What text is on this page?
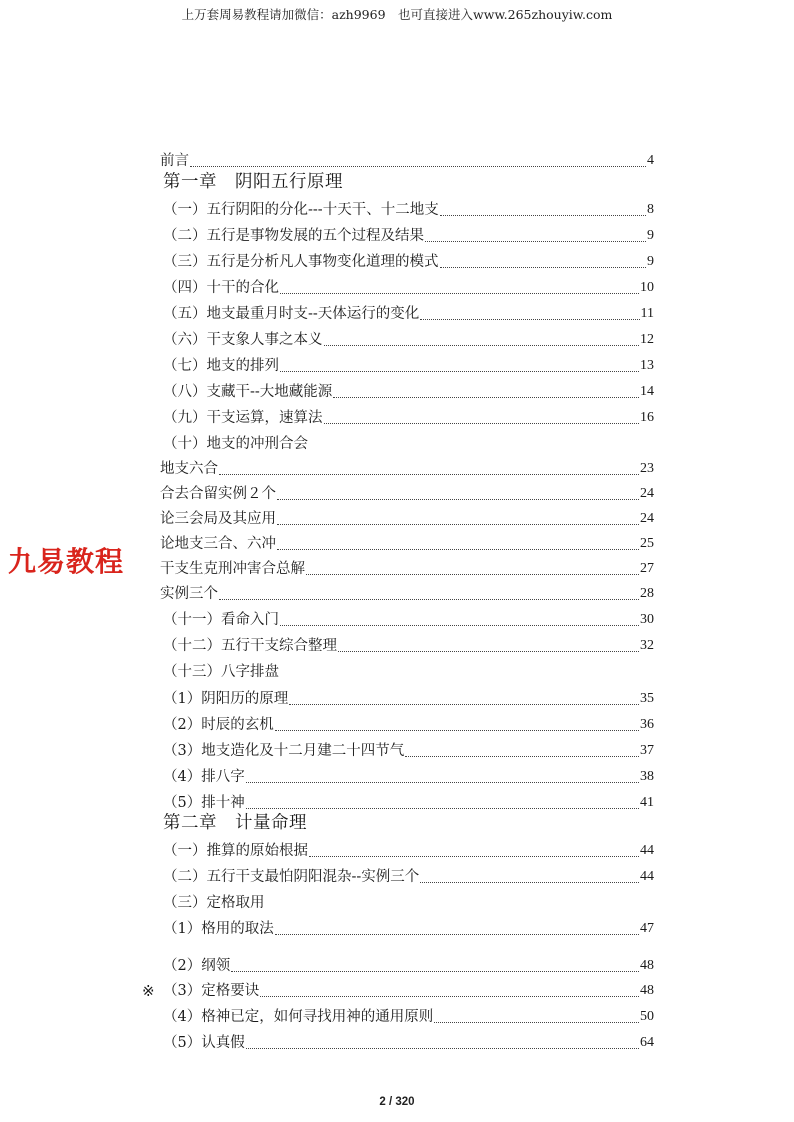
上万套周易教程请加微信：azh9969　也可直接进入www.265zhouyiw.com
前言	4
第一章　阴阳五行原理
（一）五行阴阳的分化---十天干、十二地支	8
（二）五行是事物发展的五个过程及结果	9
（三）五行是分析凡人事物变化道理的模式	9
（四）十干的合化	10
（五）地支最重月时支--天体运行的变化	11
（六）干支象人事之本义	12
（七）地支的排列	13
（八）支藏干--大地藏能源	14
（九）干支运算，速算法	16
（十）地支的冲刑合会
地支六合	23
合去合留实例２个	24
论三会局及其应用	24
论地支三合、六冲	25
干支生克刑冲害合总解	27
实例三个	28
（十一）看命入门	30
（十二）五行干支综合整理	32
（十三）八字排盘
（1）阴阳历的原理	35
（2）时辰的玄机	36
（3）地支造化及十二月建二十四节气	37
（4）排八字	38
（5）排十神	41
第二章　计量命理
（一）推算的原始根据	44
（二）五行干支最怕阴阳混杂--实例三个	44
（三）定格取用
（1）格用的取法	47
（2）纲领	48
※ （3）定格要诀	48
（4）格神已定，如何寻找用神的通用原则	50
（5）认真假	64
九易教程
2 / 320
